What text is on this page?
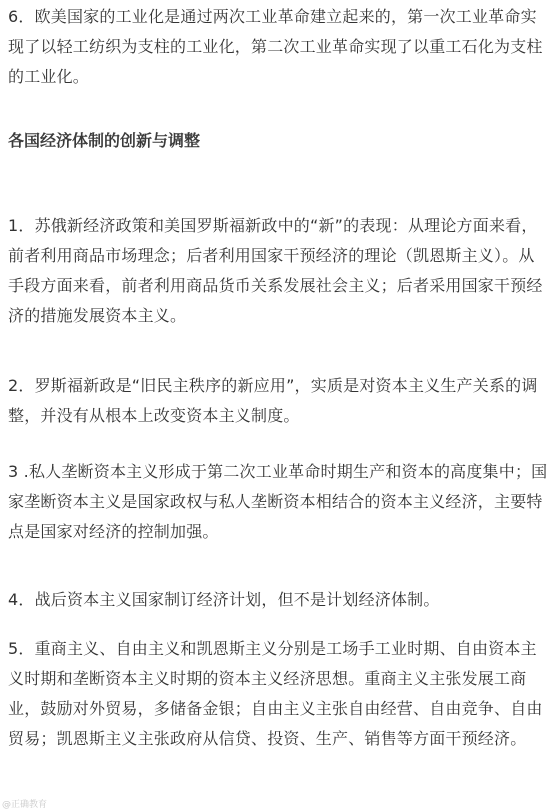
6．欧美国家的工业化是通过两次工业革命建立起来的，第一次工业革命实现了以轻工纺织为支柱的工业化，第二次工业革命实现了以重工石化为支柱的工业化。

各国经济体制的创新与调整

1．苏俄新经济政策和美国罗斯福新政中的“新”的表现：从理论方面来看，前者利用商品市场理念；后者利用国家干预经济的理论（凯恩斯主义）。从手段方面来看，前者利用商品货币关系发展社会主义；后者采用国家干预经济的措施发展资本主义。

2．罗斯福新政是“旧民主秩序的新应用”，实质是对资本主义生产关系的调整，并没有从根本上改变资本主义制度。

3 .私人垄断资本主义形成于第二次工业革命时期生产和资本的高度集中；国家垄断资本主义是国家政权与私人垄断资本相结合的资本主义经济，主要特点是国家对经济的控制加强。

4．战后资本主义国家制订经济计划，但不是计划经济体制。

5．重商主义、自由主义和凯恩斯主义分别是工场手工业时期、自由资本主义时期和垄断资本主义时期的资本主义经济思想。重商主义主张发展工商业，鼓励对外贸易，多储备金银；自由主义主张自由经营、自由竞争、自由贸易；凯恩斯主义主张政府从信贷、投资、生产、销售等方面干预经济。

@正确教育
